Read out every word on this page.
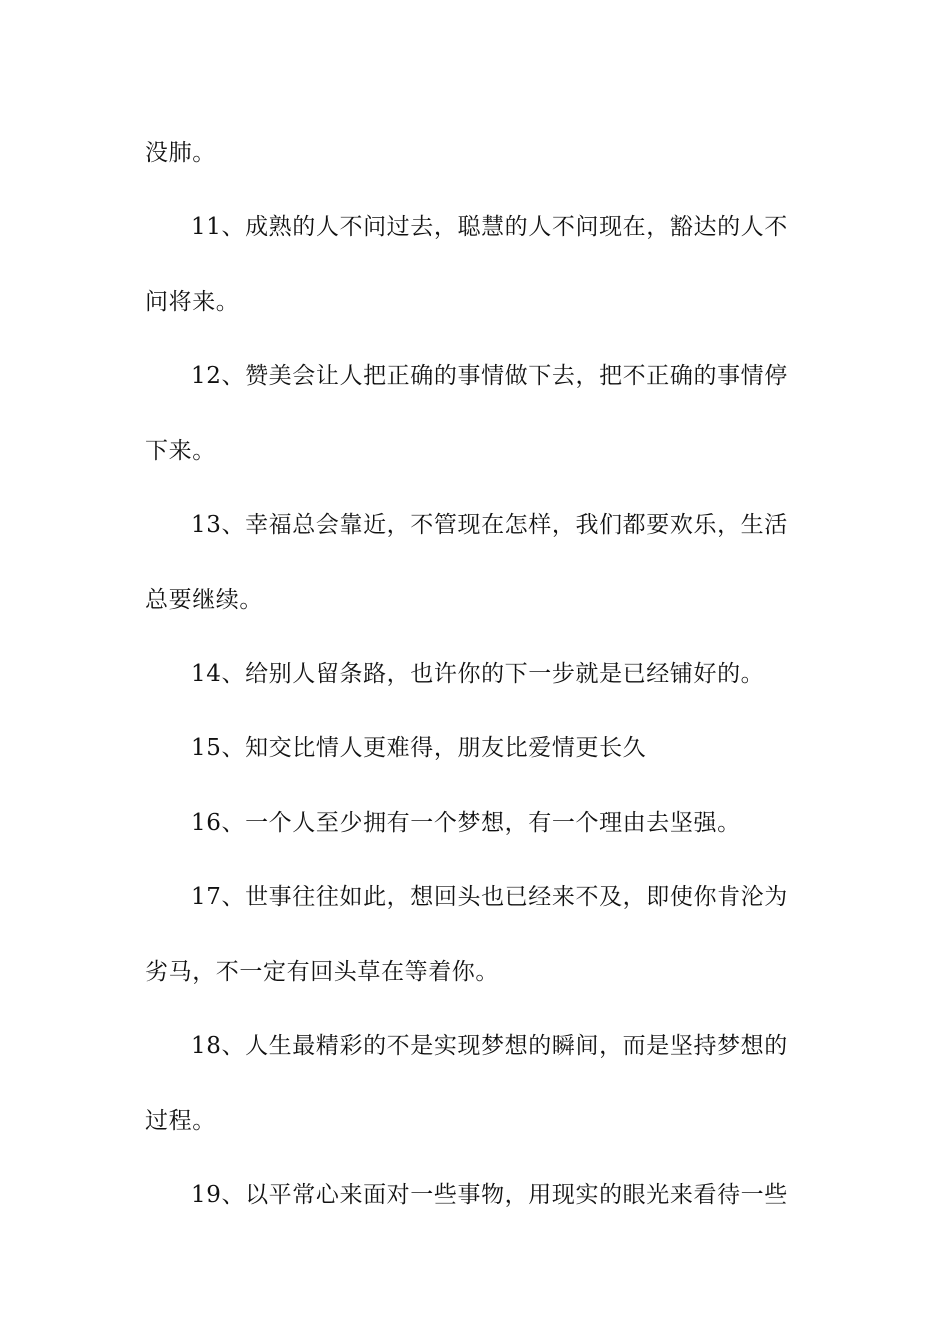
没肺。
11、成熟的人不问过去，聪慧的人不问现在，豁达的人不
问将来。
12、赞美会让人把正确的事情做下去，把不正确的事情停
下来。
13、幸福总会靠近，不管现在怎样，我们都要欢乐，生活
总要继续。
14、给别人留条路，也许你的下一步就是已经铺好的。
15、知交比情人更难得，朋友比爱情更长久
16、一个人至少拥有一个梦想，有一个理由去坚强。
17、世事往往如此，想回头也已经来不及，即使你肯沦为
劣马，不一定有回头草在等着你。
18、人生最精彩的不是实现梦想的瞬间，而是坚持梦想的
过程。
19、以平常心来面对一些事物，用现实的眼光来看待一些
